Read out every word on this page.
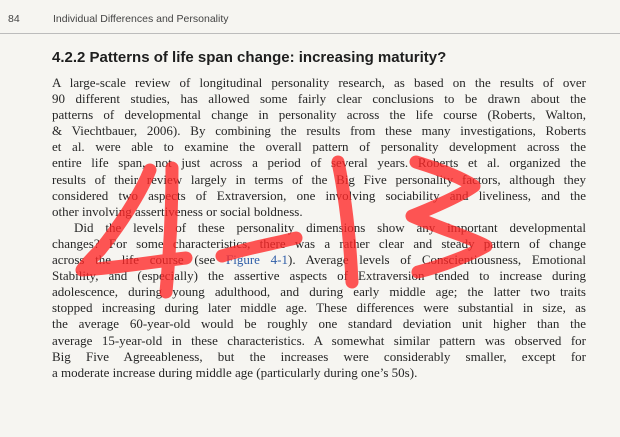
84	Individual Differences and Personality
4.2.2 Patterns of life span change: increasing maturity?
A large-scale review of longitudinal personality research, as based on the results of over
90 different studies, has allowed some fairly clear conclusions to be drawn about the
patterns of developmental change in personality across the life course (Roberts, Walton,
& Viechtbauer, 2006). By combining the results from these many investigations, Roberts
et al. were able to examine the overall pattern of personality development across the
entire life span, not just across a period of several years. Roberts et al. organized the
results of their review largely in terms of the Big Five personality factors, although they
considered two aspects of Extraversion, one involving sociability and liveliness, and the
other involving assertiveness or social boldness.
Did the levels of these personality dimensions show any important developmental
changes? For some characteristics, there was a rather clear and steady pattern of change
across the life course (see Figure 4-1). Average levels of Conscientiousness, Emotional
Stability, and (especially) the assertive aspects of Extraversion tended to increase during
adolescence, during young adulthood, and during early middle age; the latter two traits
stopped increasing during later middle age. These differences were substantial in size, as
the average 60-year-old would be roughly one standard deviation unit higher than the
average 15-year-old in these characteristics. A somewhat similar pattern was observed for
Big Five Agreeableness, but the increases were considerably smaller, except for
a moderate increase during middle age (particularly during one’s 50s).
